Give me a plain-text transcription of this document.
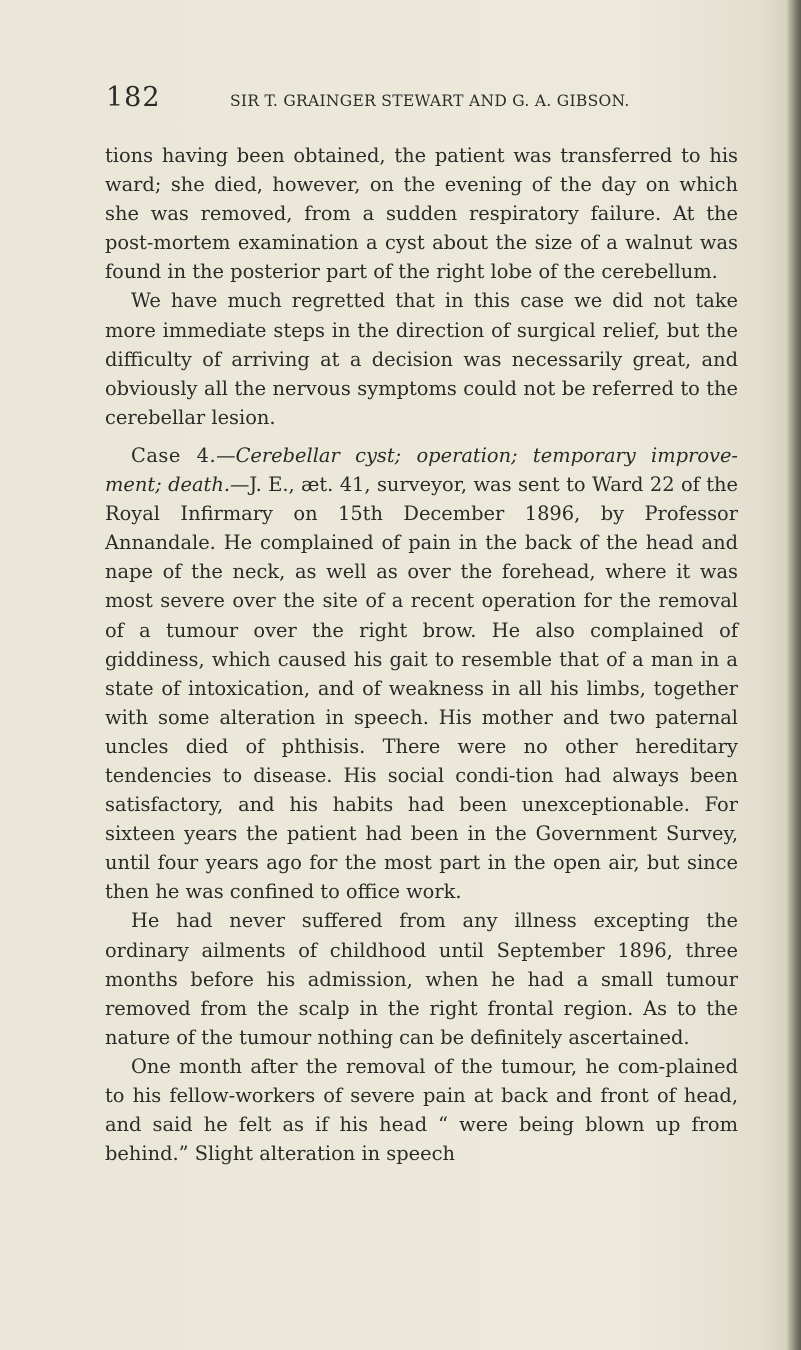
182	SIR T. GRAINGER STEWART AND G. A. GIBSON.

tions having been obtained, the patient was transferred to his ward; she died, however, on the evening of the day on which she was removed, from a sudden respiratory failure. At the post-mortem examination a cyst about the size of a walnut was found in the posterior part of the right lobe of the cerebellum.

We have much regretted that in this case we did not take more immediate steps in the direction of surgical relief, but the difficulty of arriving at a decision was necessarily great, and obviously all the nervous symptoms could not be referred to the cerebellar lesion.

Case 4.—Cerebellar cyst; operation; temporary improve-ment; death.—J. E., æt. 41, surveyor, was sent to Ward 22 of the Royal Infirmary on 15th December 1896, by Professor Annandale. He complained of pain in the back of the head and nape of the neck, as well as over the forehead, where it was most severe over the site of a recent operation for the removal of a tumour over the right brow. He also complained of giddiness, which caused his gait to resemble that of a man in a state of intoxication, and of weakness in all his limbs, together with some alteration in speech. His mother and two paternal uncles died of phthisis. There were no other hereditary tendencies to disease. His social condi-tion had always been satisfactory, and his habits had been unexceptionable. For sixteen years the patient had been in the Government Survey, until four years ago for the most part in the open air, but since then he was confined to office work.

He had never suffered from any illness excepting the ordinary ailments of childhood until September 1896, three months before his admission, when he had a small tumour removed from the scalp in the right frontal region. As to the nature of the tumour nothing can be definitely ascertained.

One month after the removal of the tumour, he com-plained to his fellow-workers of severe pain at back and front of head, and said he felt as if his head “ were being blown up from behind.” Slight alteration in speech
